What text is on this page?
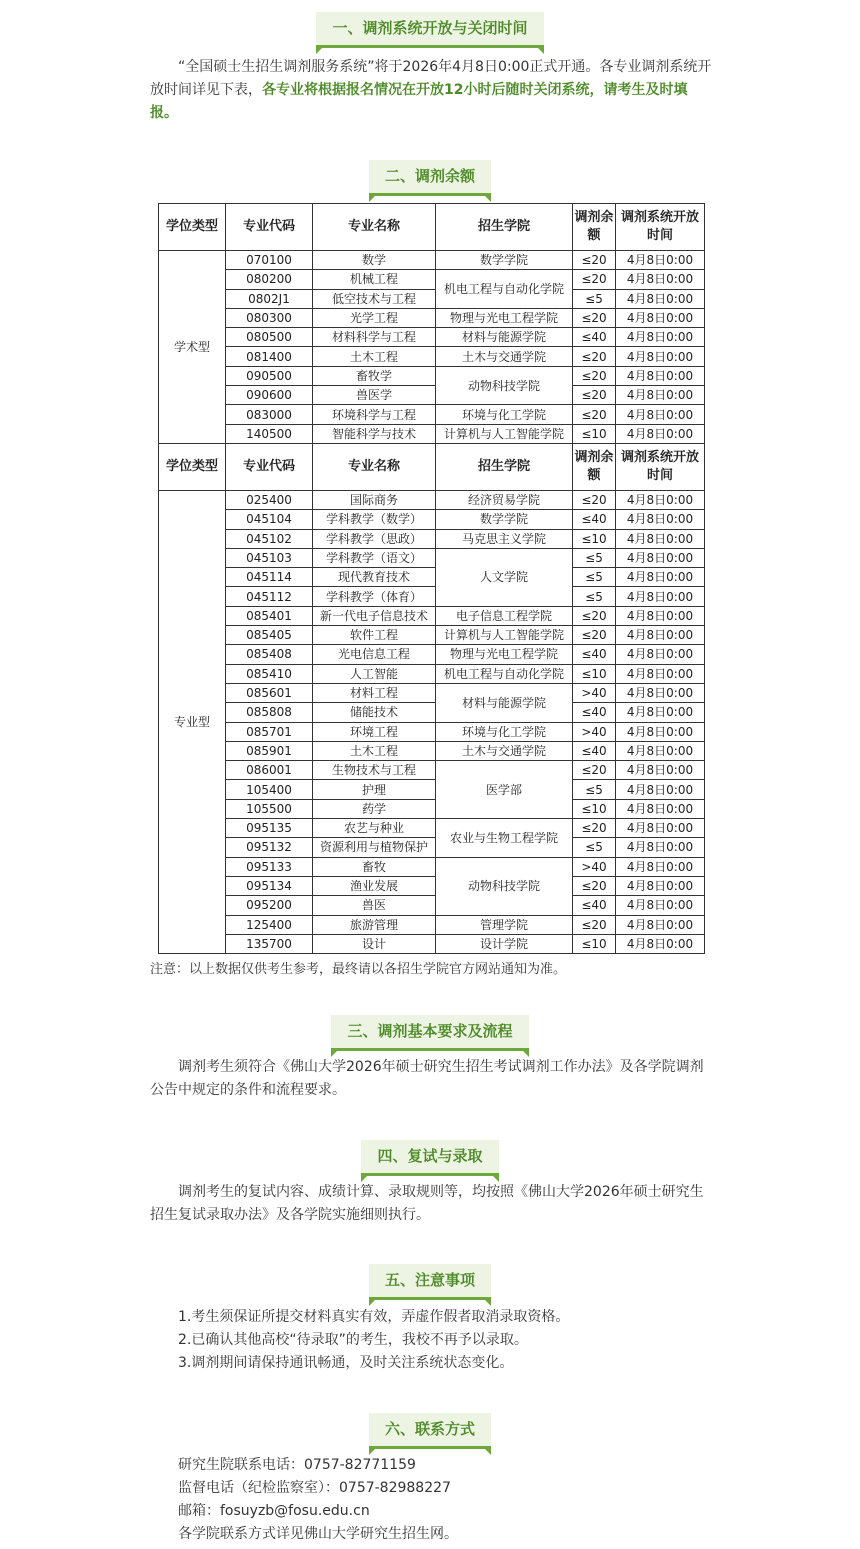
一、调剂系统开放与关闭时间
“全国硕士生招生调剂服务系统”将于2026年4月8日0:00正式开通。各专业调剂系统开放时间详见下表，各专业将根据报名情况在开放12小时后随时关闭系统，请考生及时填报。
二、调剂余额
学位类型	专业代码	专业名称	招生学院	调剂余额	调剂系统开放时间
学术型	070100	数学	数学学院	≤20	4月8日0:00
	080200	机械工程	机电工程与自动化学院	≤20	4月8日0:00
	0802J1	低空技术与工程		≤5	4月8日0:00
	080300	光学工程	物理与光电工程学院	≤20	4月8日0:00
	080500	材料科学与工程	材料与能源学院	≤40	4月8日0:00
	081400	土木工程	土木与交通学院	≤20	4月8日0:00
	090500	畜牧学	动物科技学院	≤20	4月8日0:00
	090600	兽医学		≤20	4月8日0:00
	083000	环境科学与工程	环境与化工学院	≤20	4月8日0:00
	140500	智能科学与技术	计算机与人工智能学院	≤10	4月8日0:00
学位类型	专业代码	专业名称	招生学院	调剂余额	调剂系统开放时间
专业型	025400	国际商务	经济贸易学院	≤20	4月8日0:00
	045104	学科教学（数学）	数学学院	≤40	4月8日0:00
	045102	学科教学（思政）	马克思主义学院	≤10	4月8日0:00
	045103	学科教学（语文）	人文学院	≤5	4月8日0:00
	045114	现代教育技术		≤5	4月8日0:00
	045112	学科教学（体育）		≤5	4月8日0:00
	085401	新一代电子信息技术	电子信息工程学院	≤20	4月8日0:00
	085405	软件工程	计算机与人工智能学院	≤20	4月8日0:00
	085408	光电信息工程	物理与光电工程学院	≤40	4月8日0:00
	085410	人工智能	机电工程与自动化学院	≤10	4月8日0:00
	085601	材料工程	材料与能源学院	>40	4月8日0:00
	085808	储能技术		≤40	4月8日0:00
	085701	环境工程	环境与化工学院	>40	4月8日0:00
	085901	土木工程	土木与交通学院	≤40	4月8日0:00
	086001	生物技术与工程	医学部	≤20	4月8日0:00
	105400	护理		≤5	4月8日0:00
	105500	药学		≤10	4月8日0:00
	095135	农艺与种业	农业与生物工程学院	≤20	4月8日0:00
	095132	资源利用与植物保护		≤5	4月8日0:00
	095133	畜牧	动物科技学院	>40	4月8日0:00
	095134	渔业发展		≤20	4月8日0:00
	095200	兽医		≤40	4月8日0:00
	125400	旅游管理	管理学院	≤20	4月8日0:00
	135700	设计	设计学院	≤10	4月8日0:00
注意：以上数据仅供考生参考，最终请以各招生学院官方网站通知为准。
三、调剂基本要求及流程
调剂考生须符合《佛山大学2026年硕士研究生招生考试调剂工作办法》及各学院调剂公告中规定的条件和流程要求。
四、复试与录取
调剂考生的复试内容、成绩计算、录取规则等，均按照《佛山大学2026年硕士研究生招生复试录取办法》及各学院实施细则执行。
五、注意事项
1.考生须保证所提交材料真实有效，弄虚作假者取消录取资格。
2.已确认其他高校“待录取”的考生，我校不再予以录取。
3.调剂期间请保持通讯畅通，及时关注系统状态变化。
六、联系方式
研究生院联系电话：0757-82771159
监督电话（纪检监察室）：0757-82988227
邮箱：fosuyzb@fosu.edu.cn
各学院联系方式详见佛山大学研究生招生网。
